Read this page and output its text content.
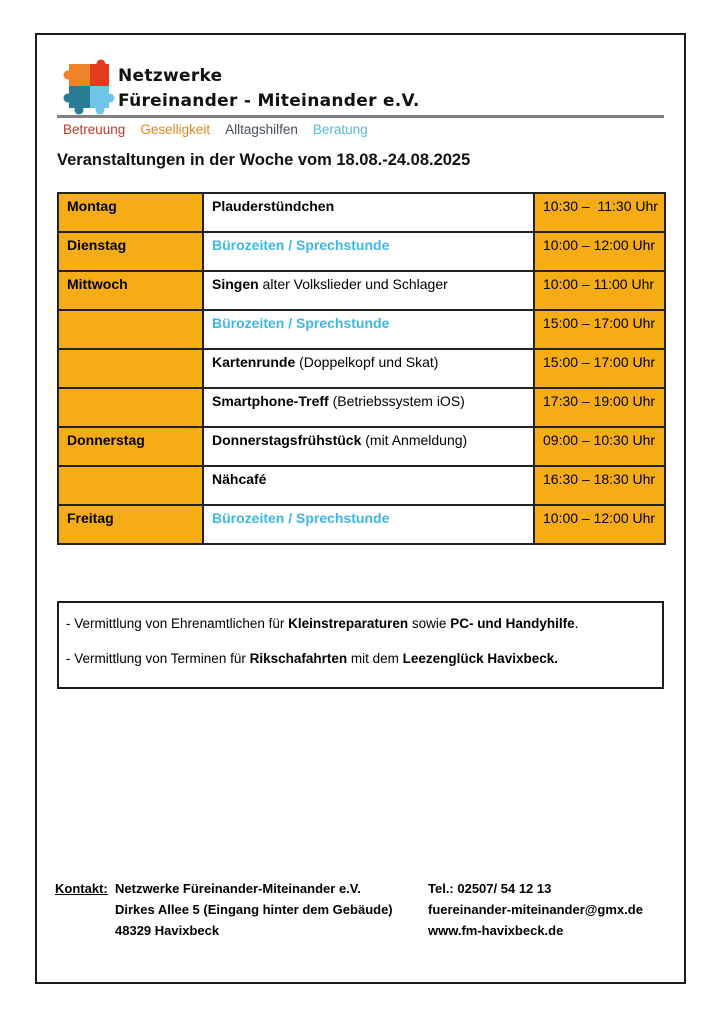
Netzwerke
Füreinander - Miteinander e.V.
Betreuung Geselligkeit Alltagshilfen Beratung
Veranstaltungen in der Woche vom 18.08.-24.08.2025
Montag	Plauderstündchen	10:30 –  11:30 Uhr
Dienstag	Bürozeiten / Sprechstunde	10:00 – 12:00 Uhr
Mittwoch	Singen alter Volkslieder und Schlager	10:00 – 11:00 Uhr
	Bürozeiten / Sprechstunde	15:00 – 17:00 Uhr
	Kartenrunde (Doppelkopf und Skat)	15:00 – 17:00 Uhr
	Smartphone-Treff (Betriebssystem iOS)	17:30 – 19:00 Uhr
Donnerstag	Donnerstagsfrühstück (mit Anmeldung)	09:00 – 10:30 Uhr
	Nähcafé	16:30 – 18:30 Uhr
Freitag	Bürozeiten / Sprechstunde	10:00 – 12:00 Uhr
- Vermittlung von Ehrenamtlichen für Kleinstreparaturen sowie PC- und Handyhilfe.
- Vermittlung von Terminen für Rikschafahrten mit dem Leezenglück Havixbeck.
Kontakt: Netzwerke Füreinander-Miteinander e.V.
Dirkes Allee 5 (Eingang hinter dem Gebäude)
48329 Havixbeck
Tel.: 02507/ 54 12 13
fuereinander-miteinander@gmx.de
www.fm-havixbeck.de
